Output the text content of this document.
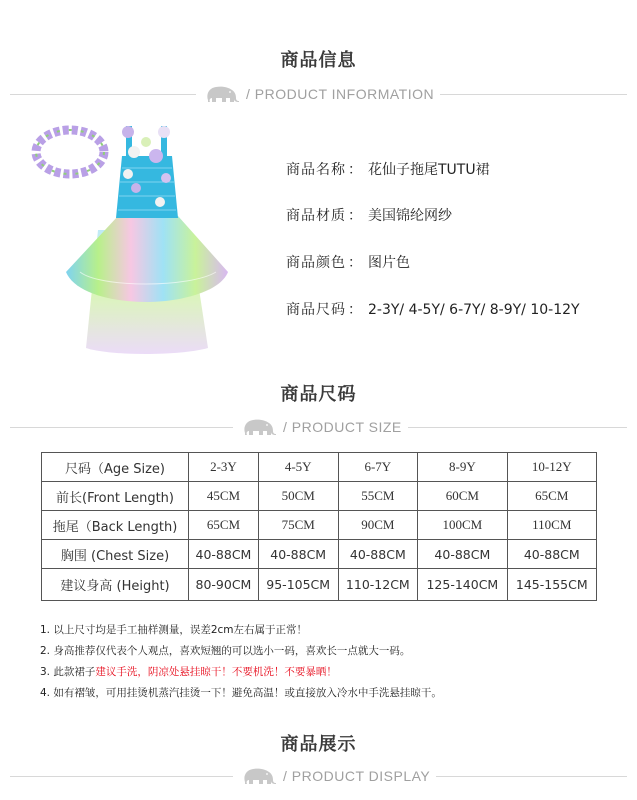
商品信息
/ PRODUCT INFORMATION
商品名称 ： 花仙子拖尾TUTU裙
商品材质 ： 美国锦纶网纱
商品颜色 ： 图片色
商品尺码 ： 2-3Y/ 4-5Y/ 6-7Y/ 8-9Y/ 10-12Y
商品尺码
/ PRODUCT SIZE
尺码（Age Size)	2-3Y	4-5Y	6-7Y	8-9Y	10-12Y
前长(Front Length)	45CM	50CM	55CM	60CM	65CM
拖尾（Back Length)	65CM	75CM	90CM	100CM	110CM
胸围 (Chest Size)	40-88CM	40-88CM	40-88CM	40-88CM	40-88CM
建议身高 (Height)	80-90CM	95-105CM	110-12CM	125-140CM	145-155CM
1. 以上尺寸均是手工抽样测量，误差2cm左右属于正常！
2. 身高推荐仅代表个人观点，喜欢短翘的可以选小一码，喜欢长一点就大一码。
3. 此款裙子建议手洗，阴凉处悬挂晾干！不要机洗！不要暴晒！
4. 如有褶皱，可用挂烫机蒸汽挂烫一下！避免高温！或直接放入冷水中手洗悬挂晾干。
商品展示
/ PRODUCT DISPLAY
